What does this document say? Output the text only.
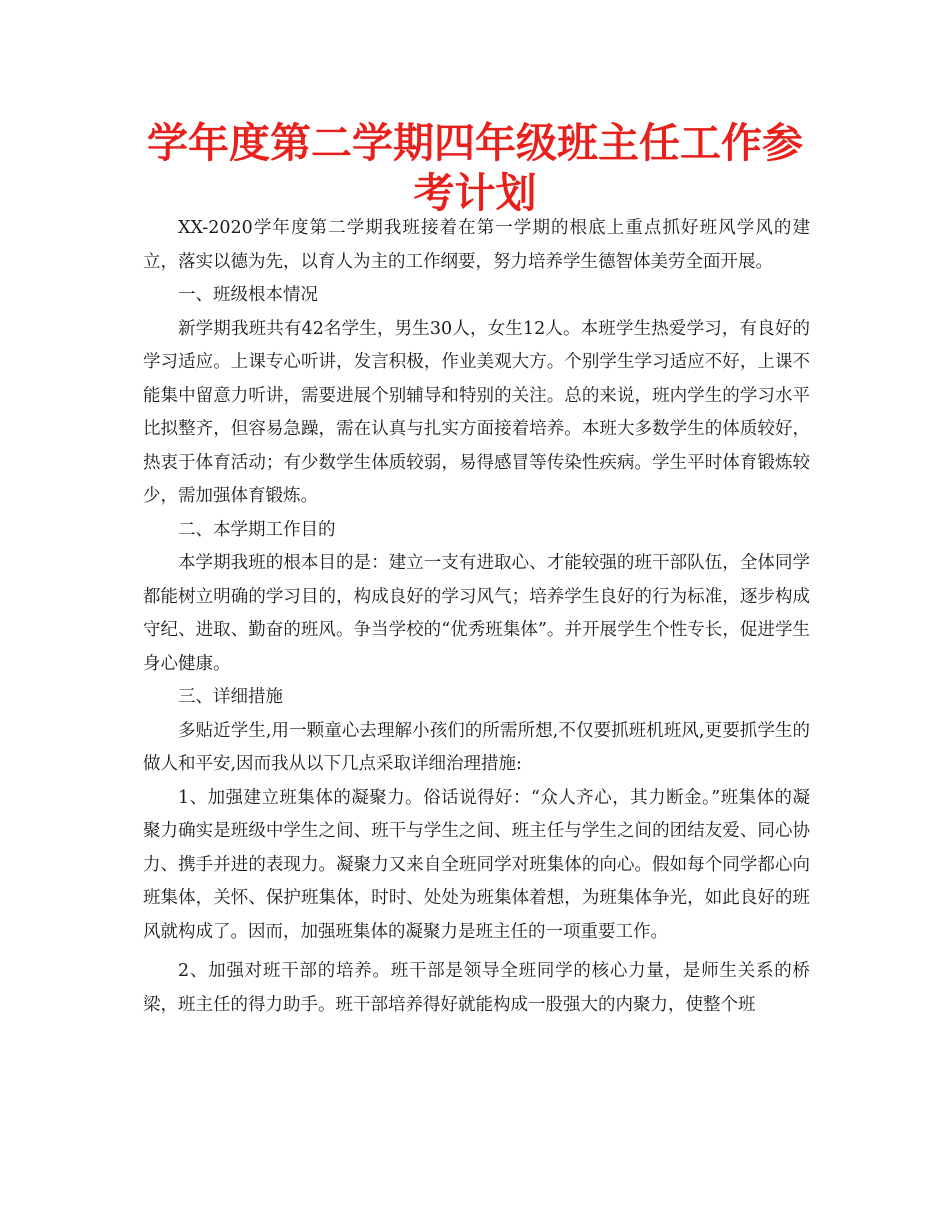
学年度第二学期四年级班主任工作参考计划

XX-2020学年度第二学期我班接着在第一学期的根底上重点抓好班风学风的建立，落实以德为先，以育人为主的工作纲要，努力培养学生德智体美劳全面开展。

一、班级根本情况

新学期我班共有42名学生，男生30人，女生12人。本班学生热爱学习，有良好的学习适应。上课专心听讲，发言积极，作业美观大方。个别学生学习适应不好，上课不能集中留意力听讲，需要进展个别辅导和特别的关注。总的来说，班内学生的学习水平比拟整齐，但容易急躁，需在认真与扎实方面接着培养。本班大多数学生的体质较好，热衷于体育活动；有少数学生体质较弱，易得感冒等传染性疾病。学生平时体育锻炼较少，需加强体育锻炼。

二、本学期工作目的

本学期我班的根本目的是：建立一支有进取心、才能较强的班干部队伍，全体同学都能树立明确的学习目的，构成良好的学习风气；培养学生良好的行为标准，逐步构成守纪、进取、勤奋的班风。争当学校的“优秀班集体”。并开展学生个性专长，促进学生身心健康。

三、详细措施

多贴近学生,用一颗童心去理解小孩们的所需所想,不仅要抓班机班风,更要抓学生的做人和平安,因而我从以下几点采取详细治理措施:

1、加强建立班集体的凝聚力。俗话说得好：“众人齐心，其力断金。”班集体的凝聚力确实是班级中学生之间、班干与学生之间、班主任与学生之间的团结友爱、同心协力、携手并进的表现力。凝聚力又来自全班同学对班集体的向心。假如每个同学都心向班集体，关怀、保护班集体，时时、处处为班集体着想，为班集体争光，如此良好的班风就构成了。因而，加强班集体的凝聚力是班主任的一项重要工作。

2、加强对班干部的培养。班干部是领导全班同学的核心力量，是师生关系的桥梁，班主任的得力助手。班干部培养得好就能构成一股强大的内聚力，使整个班
